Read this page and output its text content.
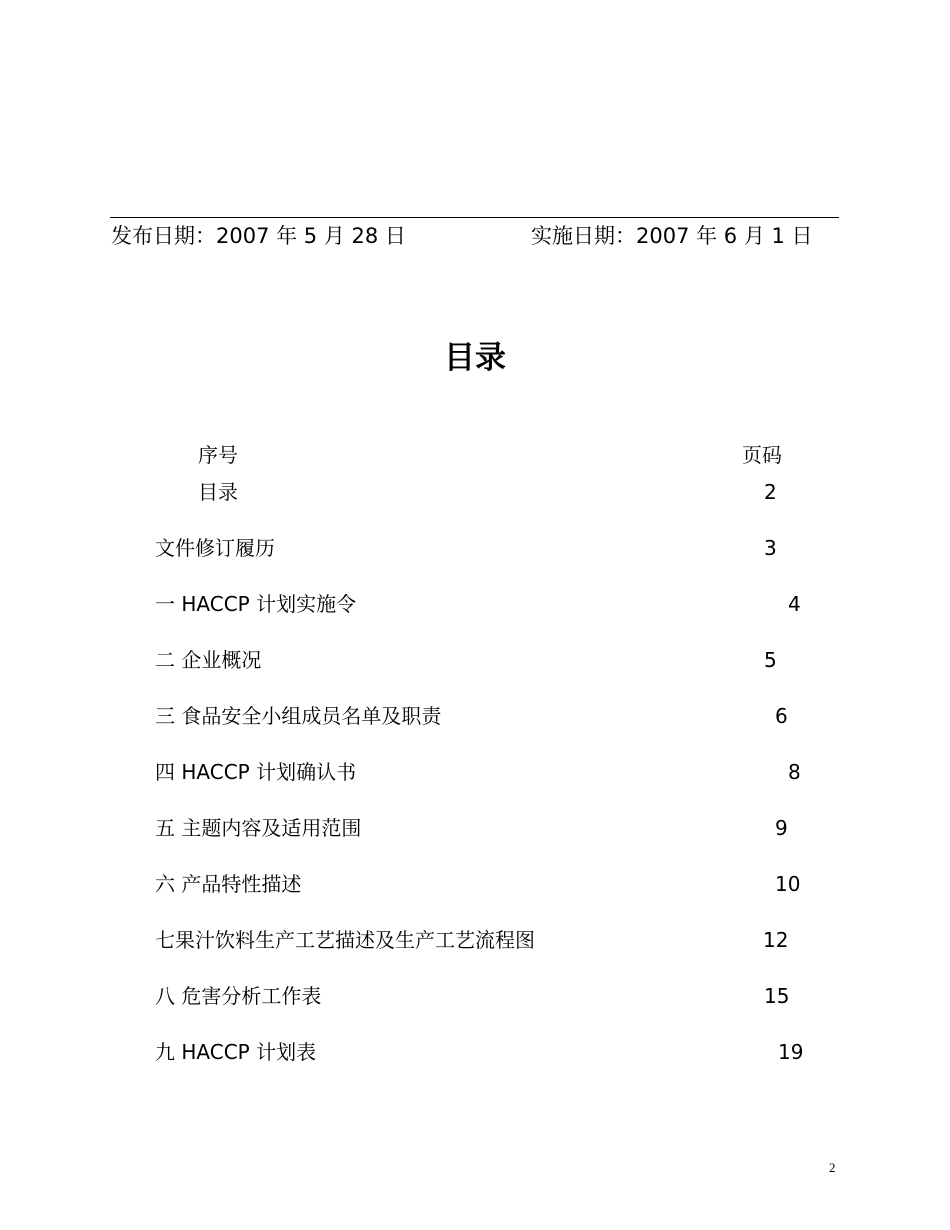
发布日期：2007 年 5 月 28 日	实施日期：2007 年 6 月 1 日
目录
序号	页码
目录	2
文件修订履历	3
一 HACCP 计划实施令	4
二 企业概况	5
三 食品安全小组成员名单及职责	6
四 HACCP 计划确认书	8
五 主题内容及适用范围	9
六 产品特性描述	10
七果汁饮料生产工艺描述及生产工艺流程图	12
八 危害分析工作表	15
九 HACCP 计划表	19
2
